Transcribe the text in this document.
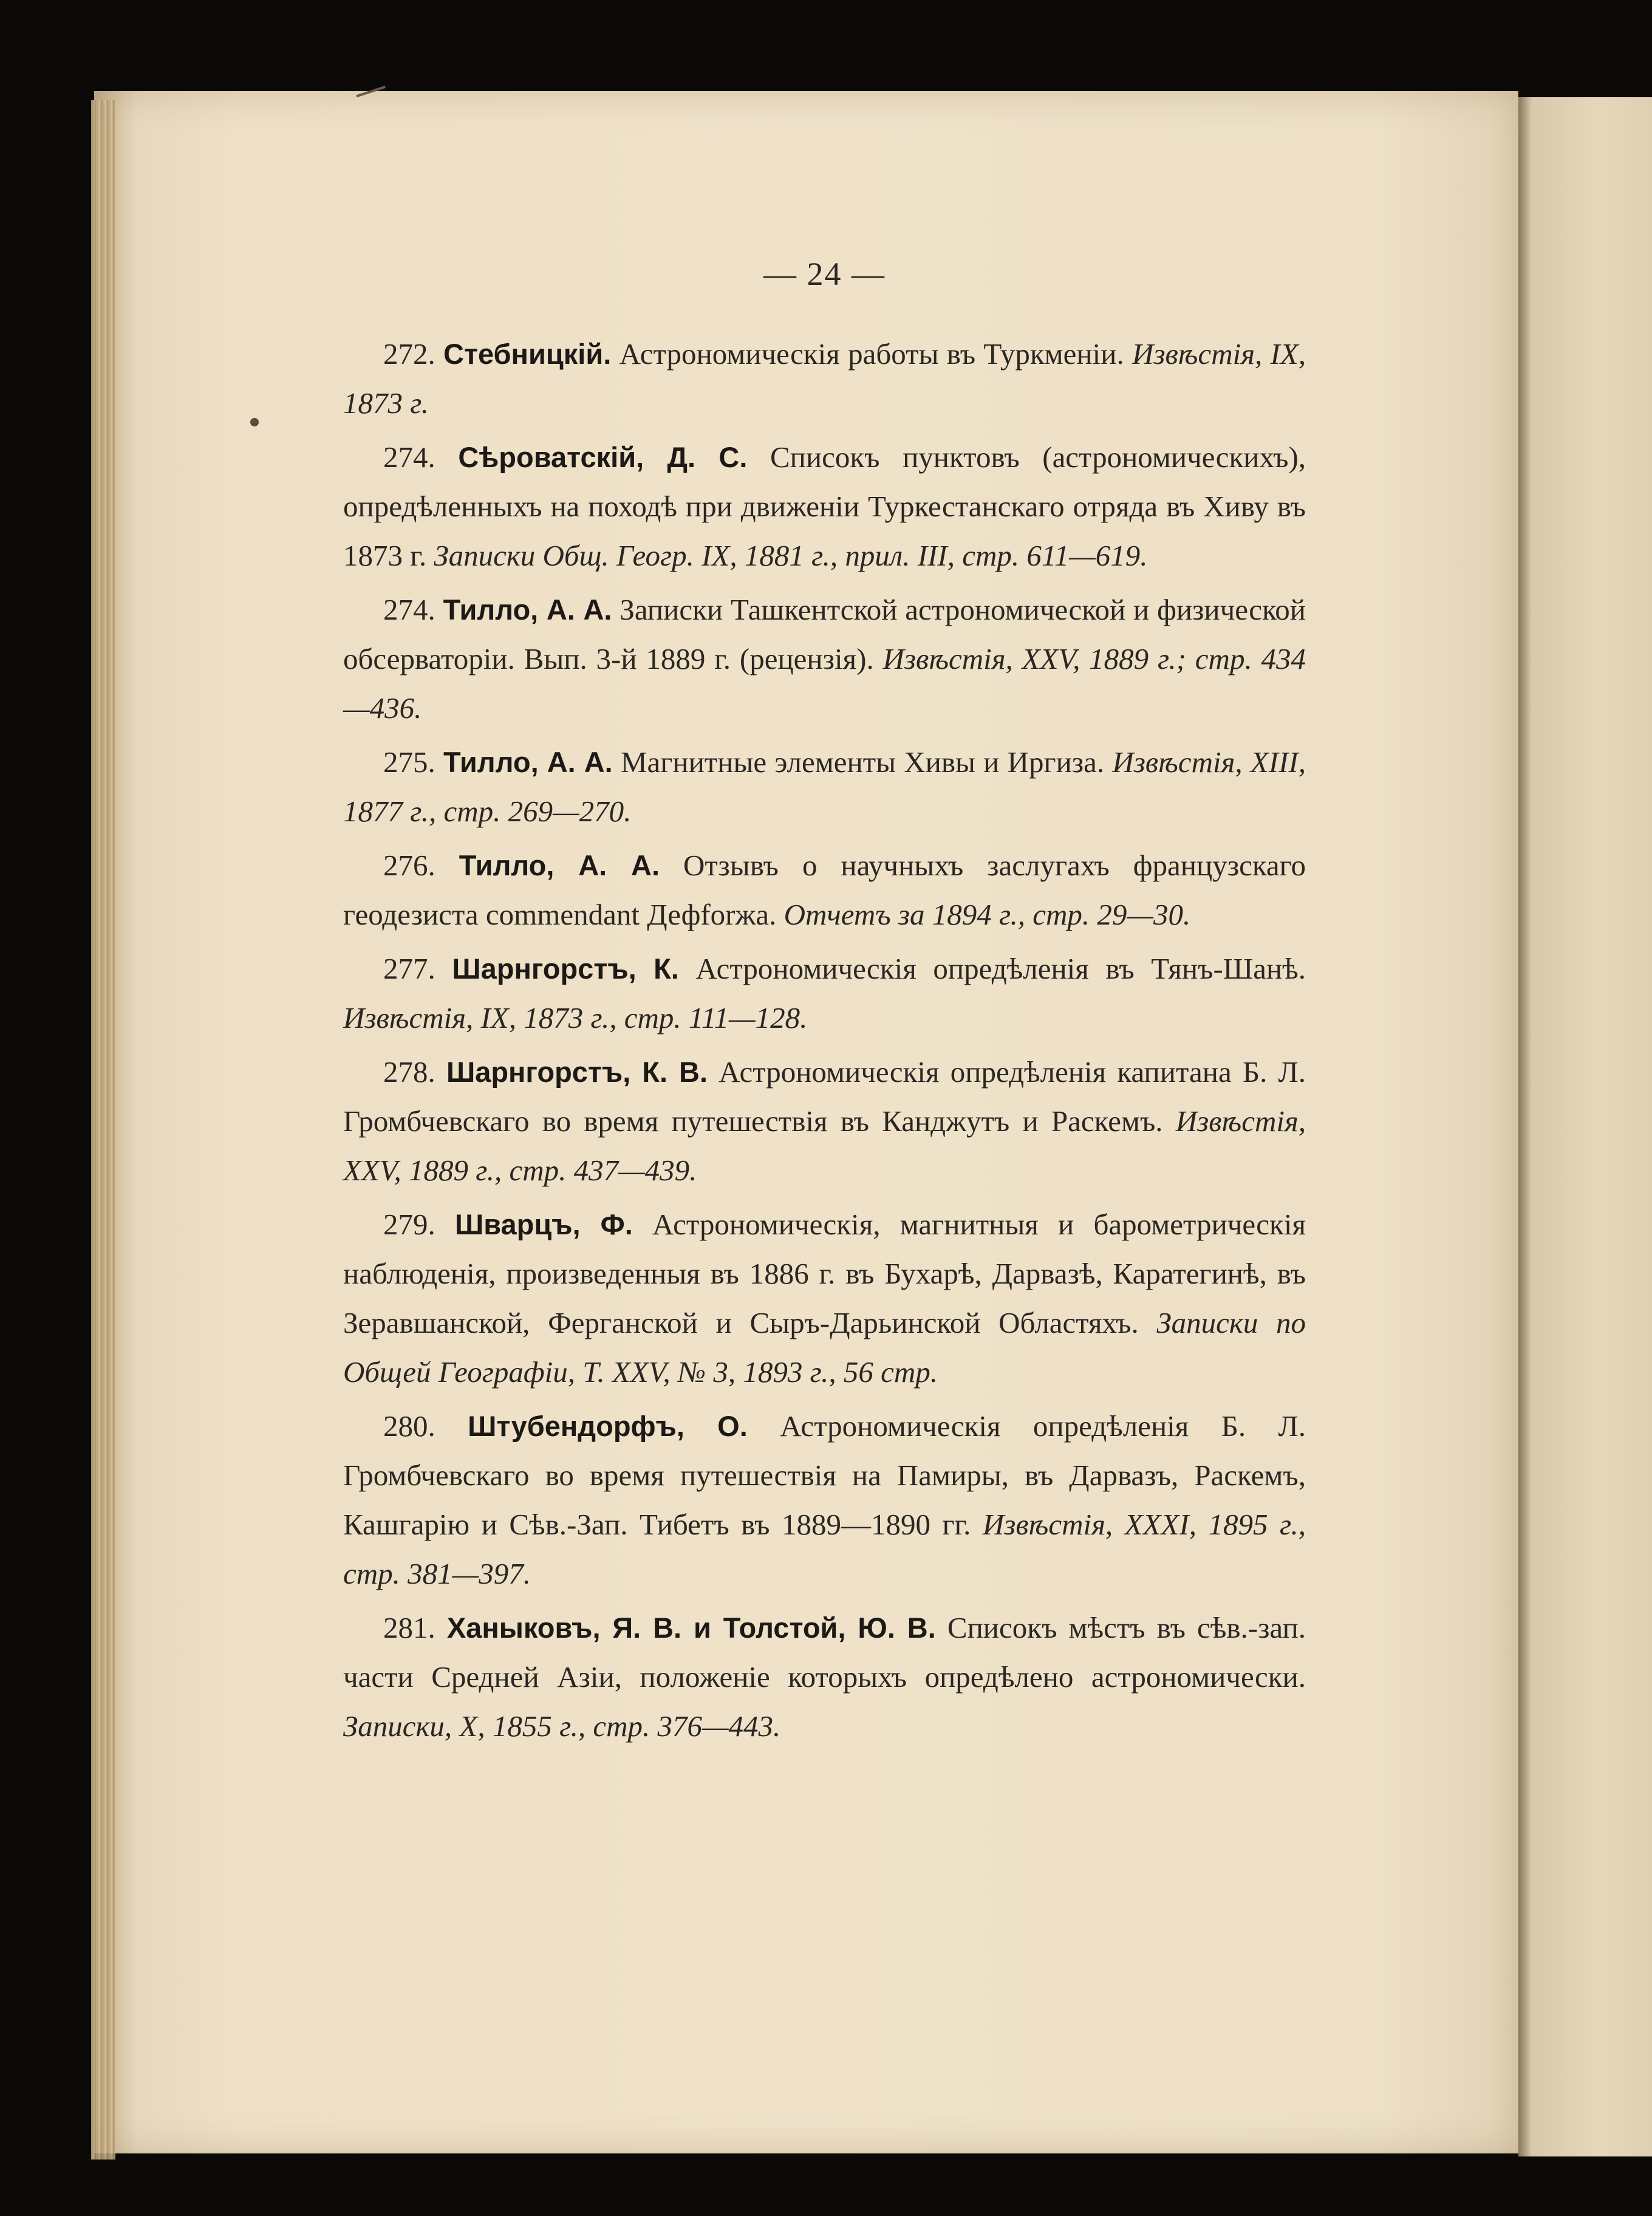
— 24 —

272. Стебницкій. Астрономическія работы въ Туркменіи. Извѣстія, IX, 1873 г.

274. Сѣроватскій, Д. С. Списокъ пунктовъ (астрономическихъ), опредѣленныхъ на походѣ при движеніи Туркестанскаго отряда въ Хиву въ 1873 г. Записки Общ. Геогр. IX, 1881 г., прил. III, стр. 611—619.

274. Тилло, А. А. Записки Ташкентской астрономической и физической обсерваторіи. Вып. 3-й 1889 г. (рецензія). Извѣстія, XXV, 1889 г.; стр. 434—436.

275. Тилло, А. А. Магнитные элементы Хивы и Иргиза. Извѣстія, XIII, 1877 г., стр. 269—270.

276. Тилло, А. А. Отзывъ о научныхъ заслугахъ французскаго геодезиста commendant Дефforжа. Отчетъ за 1894 г., стр. 29—30.

277. Шарнгорстъ, К. Астрономическія опредѣленія въ Тянъ-Шанѣ. Извѣстія, IX, 1873 г., стр. 111—128.

278. Шарнгорстъ, К. В. Астрономическія опредѣленія капитана Б. Л. Громбчевскаго во время путешествія въ Канджутъ и Раскемъ. Извѣстія, XXV, 1889 г., стр. 437—439.

279. Шварцъ, Ф. Астрономическія, магнитныя и барометрическія наблюденія, произведенныя въ 1886 г. въ Бухарѣ, Дарвазѣ, Каратегинѣ, въ Зеравшанской, Ферганской и Сыръ-Дарьинской Областяхъ. Записки по Общей Географіи, Т. XXV, № 3, 1893 г., 56 стр.

280. Штубендорфъ, О. Астрономическія опредѣленія Б. Л. Громбчевскаго во время путешествія на Памиры, въ Дарвазъ, Раскемъ, Кашгарію и Сѣв.-Зап. Тибетъ въ 1889—1890 гг. Извѣстія, XXXI, 1895 г., стр. 381—397.

281. Ханыковъ, Я. В. и Толстой, Ю. В. Списокъ мѣстъ въ сѣв.-зап. части Средней Азіи, положеніе которыхъ опредѣлено астрономически. Записки, X, 1855 г., стр. 376—443.
